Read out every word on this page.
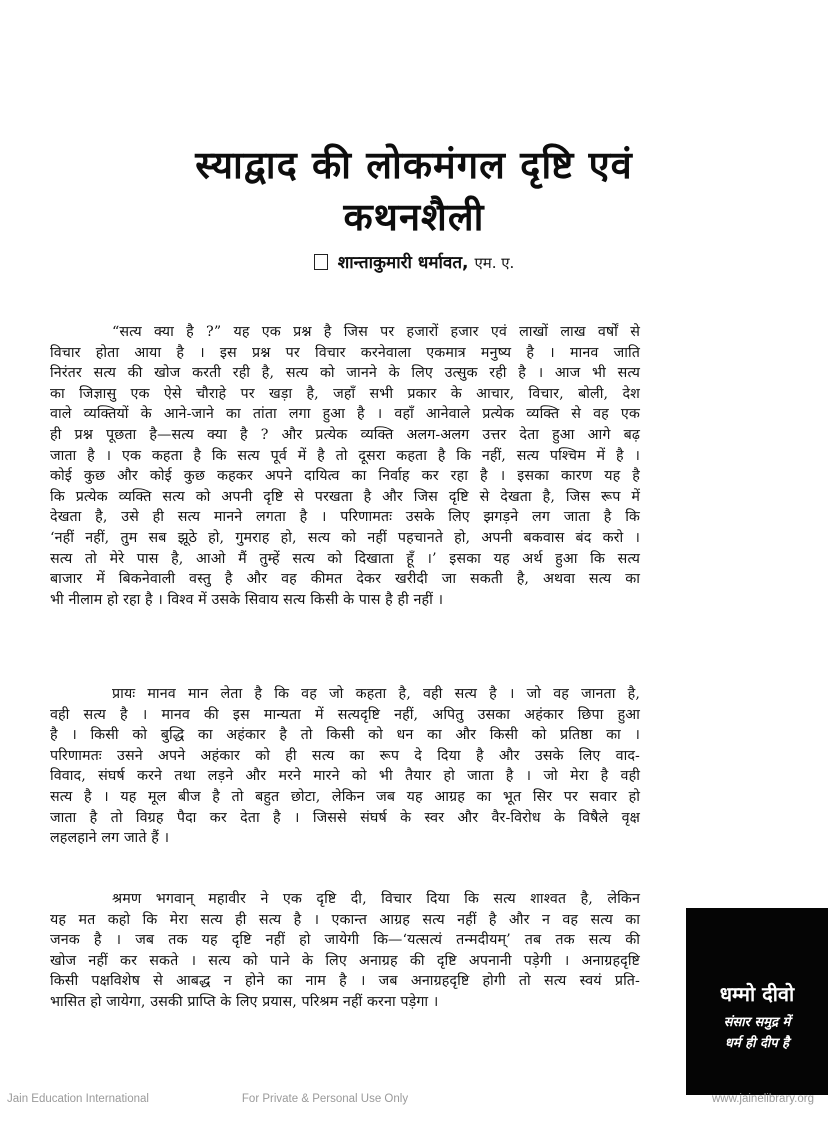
स्याद्वाद की लोकमंगल दृष्टि एवं
कथनशैली
शान्ताकुमारी धर्मावत, एम. ए.
“सत्य क्या है ?” यह एक प्रश्न है जिस पर हजारों हजार एवं लाखों लाख वर्षों से
विचार होता आया है । इस प्रश्न पर विचार करनेवाला एकमात्र मनुष्य है । मानव जाति
निरंतर सत्य की खोज करती रही है, सत्य को जानने के लिए उत्सुक रही है । आज भी सत्य
का जिज्ञासु एक ऐसे चौराहे पर खड़ा है, जहाँ सभी प्रकार के आचार, विचार, बोली, देश
वाले व्यक्तियों के आने-जाने का तांता लगा हुआ है । वहाँ आनेवाले प्रत्येक व्यक्ति से वह एक
ही प्रश्न पूछता है—सत्य क्या है ? और प्रत्येक व्यक्ति अलग-अलग उत्तर देता हुआ आगे बढ़
जाता है । एक कहता है कि सत्य पूर्व में है तो दूसरा कहता है कि नहीं, सत्य पश्चिम में है ।
कोई कुछ और कोई कुछ कहकर अपने दायित्व का निर्वाह कर रहा है । इसका कारण यह है
कि प्रत्येक व्यक्ति सत्य को अपनी दृष्टि से परखता है और जिस दृष्टि से देखता है, जिस रूप में
देखता है, उसे ही सत्य मानने लगता है । परिणामतः उसके लिए झगड़ने लग जाता है कि
‘नहीं नहीं, तुम सब झूठे हो, गुमराह हो, सत्य को नहीं पहचानते हो, अपनी बकवास बंद करो ।
सत्य तो मेरे पास है, आओ मैं तुम्हें सत्य को दिखाता हूँ ।’ इसका यह अर्थ हुआ कि सत्य
बाजार में बिकनेवाली वस्तु है और वह कीमत देकर खरीदी जा सकती है, अथवा सत्य का
भी नीलाम हो रहा है । विश्व में उसके सिवाय सत्य किसी के पास है ही नहीं ।
प्रायः मानव मान लेता है कि वह जो कहता है, वही सत्य है । जो वह जानता है,
वही सत्य है । मानव की इस मान्यता में सत्यदृष्टि नहीं, अपितु उसका अहंकार छिपा हुआ
है । किसी को बुद्धि का अहंकार है तो किसी को धन का और किसी को प्रतिष्ठा का ।
परिणामतः उसने अपने अहंकार को ही सत्य का रूप दे दिया है और उसके लिए वाद-
विवाद, संघर्ष करने तथा लड़ने और मरने मारने को भी तैयार हो जाता है । जो मेरा है वही
सत्य है । यह मूल बीज है तो बहुत छोटा, लेकिन जब यह आग्रह का भूत सिर पर सवार हो
जाता है तो विग्रह पैदा कर देता है । जिससे संघर्ष के स्वर और वैर-विरोध के विषैले वृक्ष
लहलहाने लग जाते हैं ।
श्रमण भगवान् महावीर ने एक दृष्टि दी, विचार दिया कि सत्य शाश्वत है, लेकिन
यह मत कहो कि मेरा सत्य ही सत्य है । एकान्त आग्रह सत्य नहीं है और न वह सत्य का
जनक है । जब तक यह दृष्टि नहीं हो जायेगी कि—‘यत्सत्यं तन्मदीयम्’ तब तक सत्य की
खोज नहीं कर सकते । सत्य को पाने के लिए अनाग्रह की दृष्टि अपनानी पड़ेगी । अनाग्रहदृष्टि
किसी पक्षविशेष से आबद्ध न होने का नाम है । जब अनाग्रहदृष्टि होगी तो सत्य स्वयं प्रति-
भासित हो जायेगा, उसकी प्राप्ति के लिए प्रयास, परिश्रम नहीं करना पड़ेगा ।	धम्मो दीवो
संसार समुद्र में
धर्म ही दीप है
Jain Education International	For Private & Personal Use Only	www.jainelibrary.org
